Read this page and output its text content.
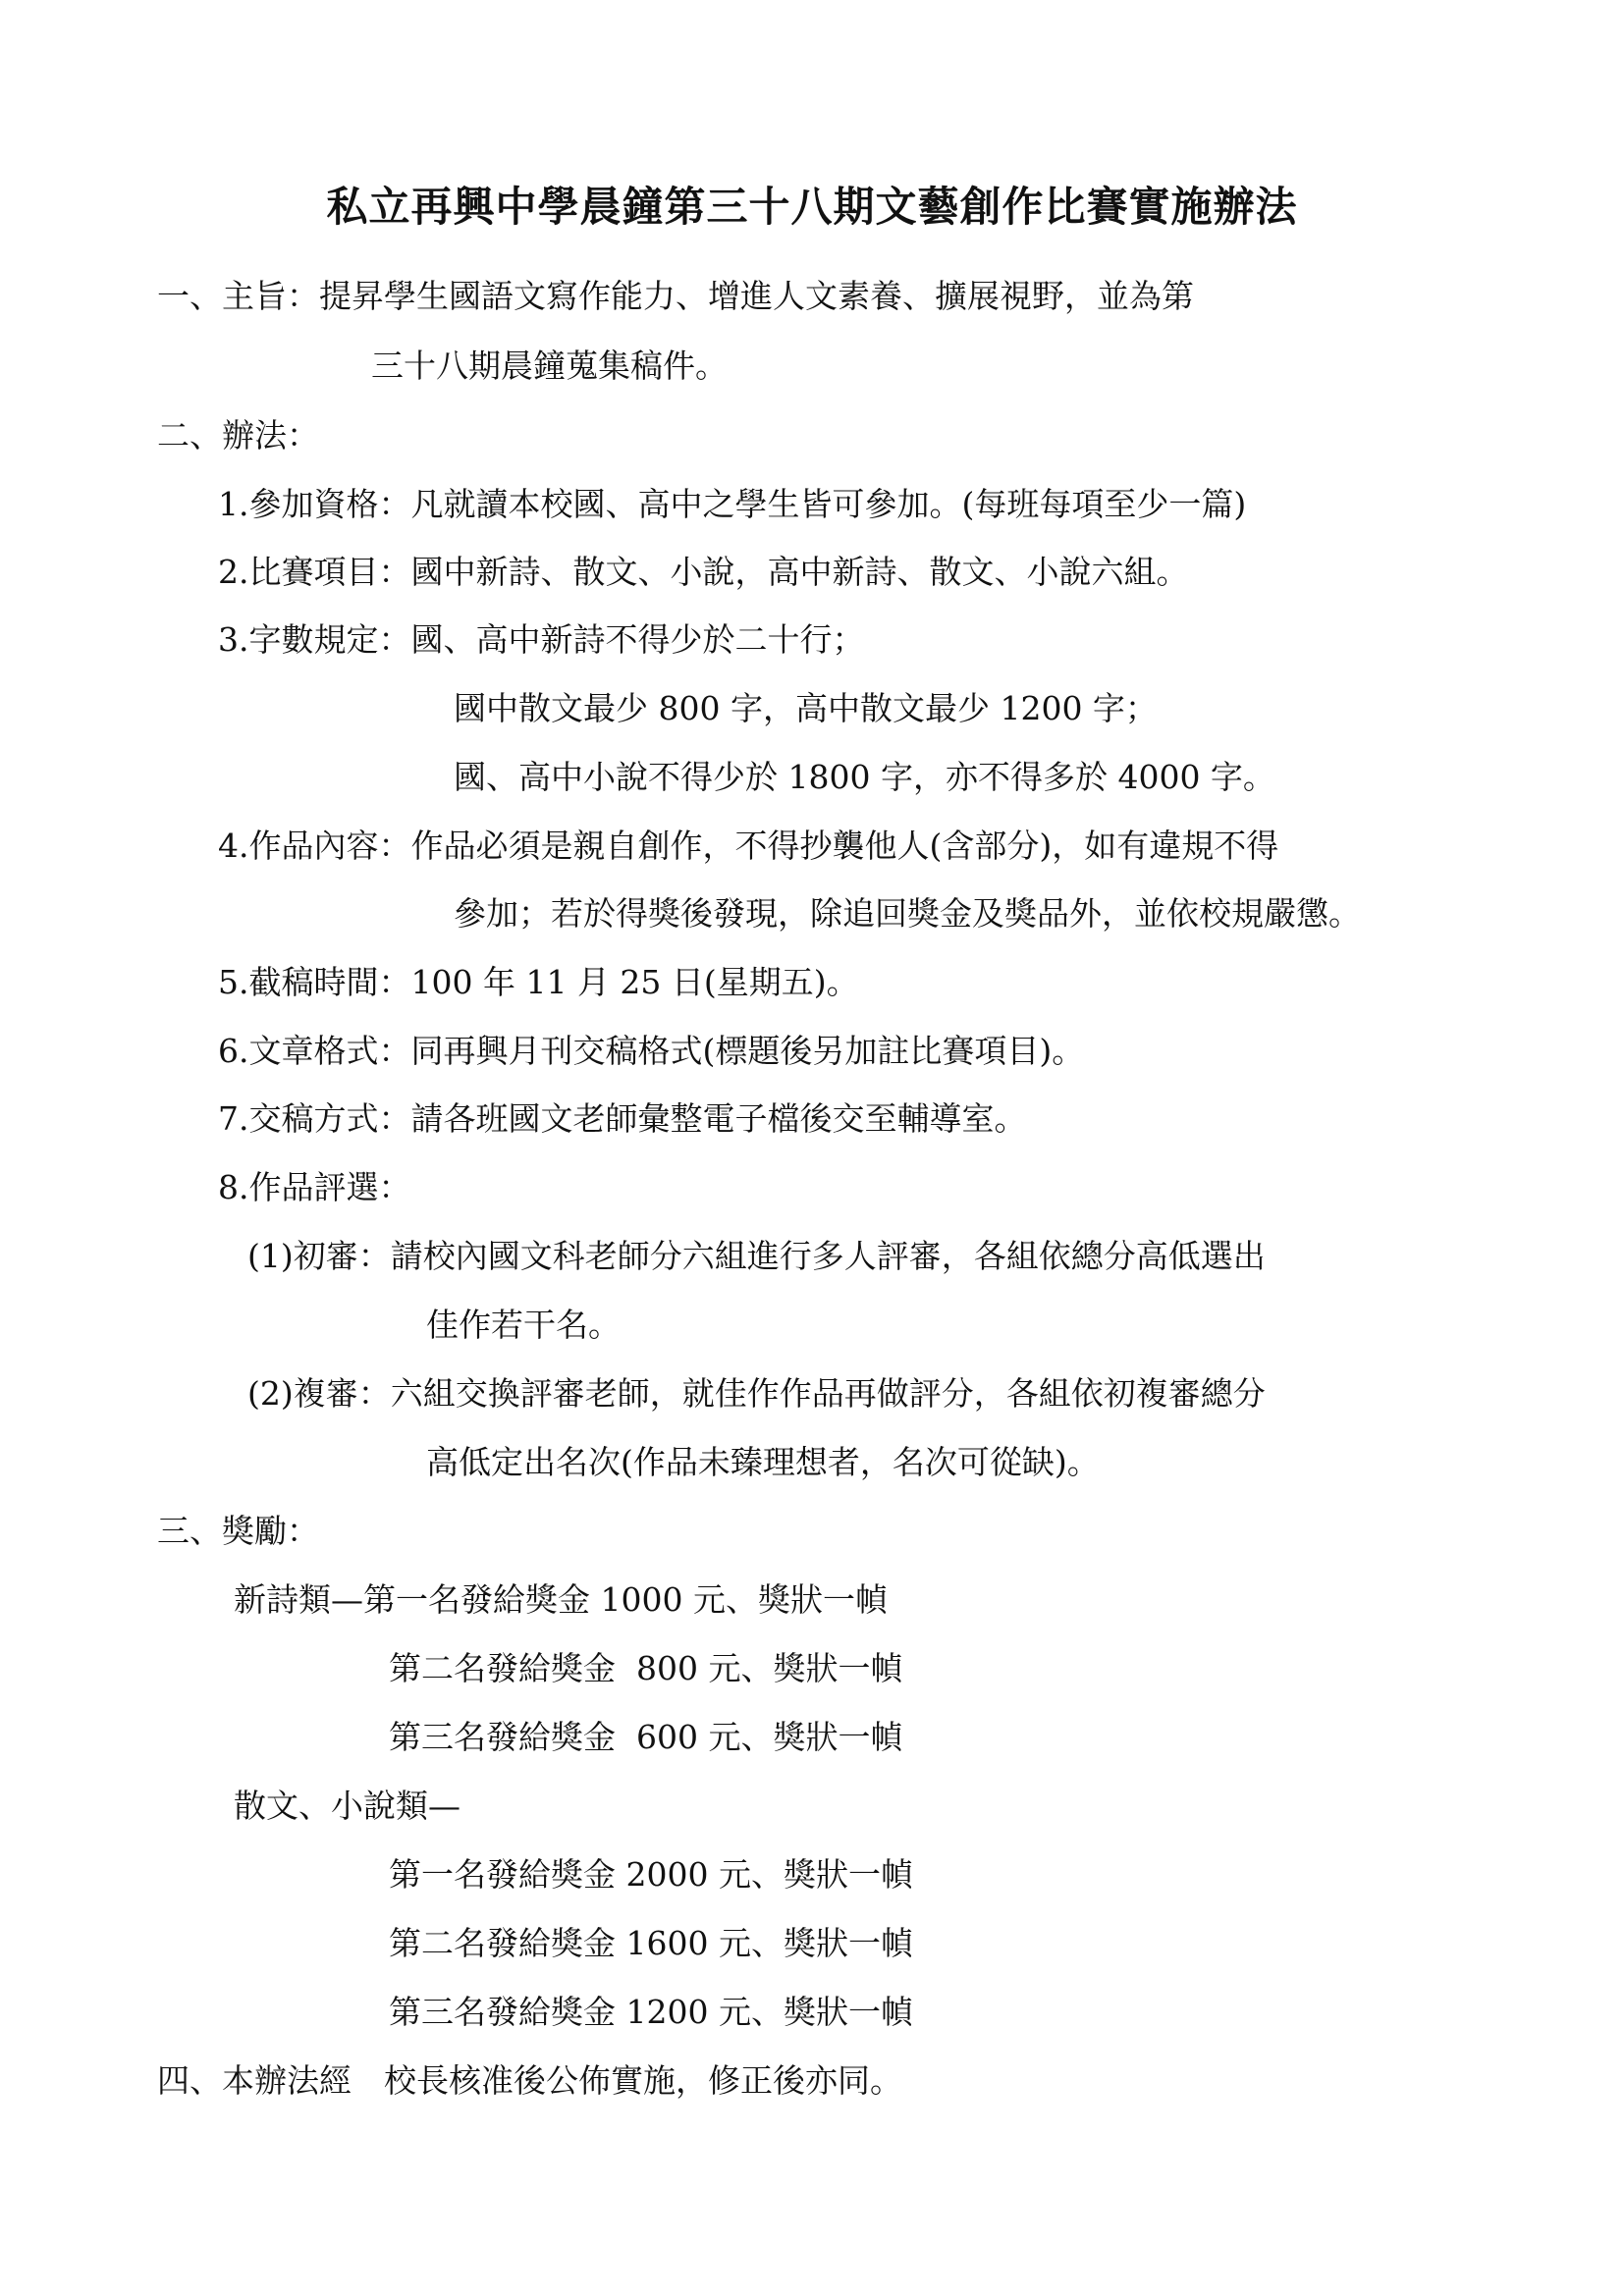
私立再興中學晨鐘第三十八期文藝創作比賽實施辦法
一、主旨：提昇學生國語文寫作能力、增進人文素養、擴展視野，並為第
三十八期晨鐘蒐集稿件。
二、辦法：
1.參加資格：凡就讀本校國、高中之學生皆可參加。(每班每項至少一篇)
2.比賽項目：國中新詩、散文、小說，高中新詩、散文、小說六組。
3.字數規定：國、高中新詩不得少於二十行；
國中散文最少 800 字，高中散文最少 1200 字；
國、高中小說不得少於 1800 字，亦不得多於 4000 字。
4.作品內容：作品必須是親自創作，不得抄襲他人(含部分)，如有違規不得
參加；若於得獎後發現，除追回獎金及獎品外，並依校規嚴懲。
5.截稿時間：100 年 11 月 25 日(星期五)。
6.文章格式：同再興月刊交稿格式(標題後另加註比賽項目)。
7.交稿方式：請各班國文老師彙整電子檔後交至輔導室。
8.作品評選：
(1)初審：請校內國文科老師分六組進行多人評審，各組依總分高低選出
佳作若干名。
(2)複審：六組交換評審老師，就佳作作品再做評分，各組依初複審總分
高低定出名次(作品未臻理想者，名次可從缺)。
三、獎勵：
新詩類—第一名發給獎金 1000 元、獎狀一幀
第二名發給獎金  800 元、獎狀一幀
第三名發給獎金  600 元、獎狀一幀
散文、小說類—
第一名發給獎金 2000 元、獎狀一幀
第二名發給獎金 1600 元、獎狀一幀
第三名發給獎金 1200 元、獎狀一幀
四、本辦法經　校長核准後公佈實施，修正後亦同。
